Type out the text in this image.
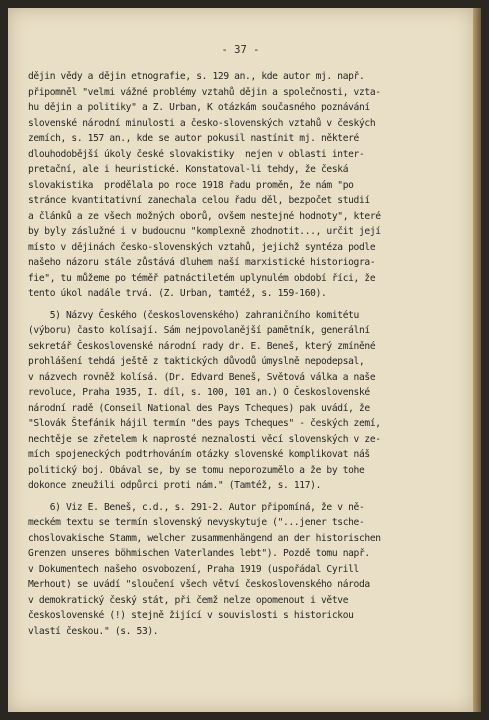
- 37 -
dějin vědy a dějin etnografie, s. 129 an., kde autor mj. např.
připomněl "velmi vážné problémy vztahů dějin a společnosti, vzta-
hu dějin a politiky" a Z. Urban, K otázkám současného poznávání
slovenské národní minulosti a česko-slovenských vztahů v českých
zemích, s. 157 an., kde se autor pokusil nastínit mj. některé
dlouhodobější úkoly české slovakistiky  nejen v oblasti inter-
pretační, ale i heuristické. Konstatoval-li tehdy, že česká
slovakistika  prodělala po roce 1918 řadu proměn, že nám "po
stránce kvantitativní zanechala celou řadu děl, bezpočet studií
a článků a ze všech možných oborů, ovšem nestejné hodnoty", které
by byly záslužné i v budoucnu "komplexně zhodnotit..., určit její
místo v dějinách česko-slovenských vztahů, jejichž syntéza podle
našeho názoru stále zůstává dluhem naší marxistické historiogra-
fie", tu můžeme po téměř patnáctiletém uplynulém období říci, že
tento úkol nadále trvá. (Z. Urban, tamtéž, s. 159-160).
5) Názvy Českého (československého) zahraničního komitétu
(výboru) často kolísají. Sám nejpovolanější pamětník, generální
sekretář Československé národní rady dr. E. Beneš, který zmíněné
prohlášení tehdá ještě z taktických důvodů úmyslně nepodepsal,
v názvech rovněž kolísá. (Dr. Edvard Beneš, Světová válka a naše
revoluce, Praha 1935, I. díl, s. 100, 101 an.) O Československé
národní radě (Conseil National des Pays Tcheques) pak uvádí, že
"Slovák Štefánik hájil termín "des pays Tcheques" - českých zemí,
nechtěje se zřetelem k naprosté neznalosti věcí slovenských v ze-
mích spojeneckých podtrhováním otázky slovenské komplikovat náš
politický boj. Obával se, by se tomu neporozumělo a že by tohe
dokonce zneužili odpůrci proti nám." (Tamtéž, s. 117).
6) Viz E. Beneš, c.d., s. 291-2. Autor připomíná, že v ně-
meckém textu se termín slovenský nevyskytuje ("...jener tsche-
choslovakische Stamm, welcher zusammenhängend an der historischen
Grenzen unseres böhmischen Vaterlandes lebt"). Pozdě tomu např.
v Dokumentech našeho osvobození, Praha 1919 (uspořádal Cyrill
Merhout) se uvádí "sloučení všech větví československého národa
v demokratický český stát, při čemž nelze opomenout i větve
československé (!) stejně žijící v souvislosti s historickou
vlastí českou." (s. 53).
